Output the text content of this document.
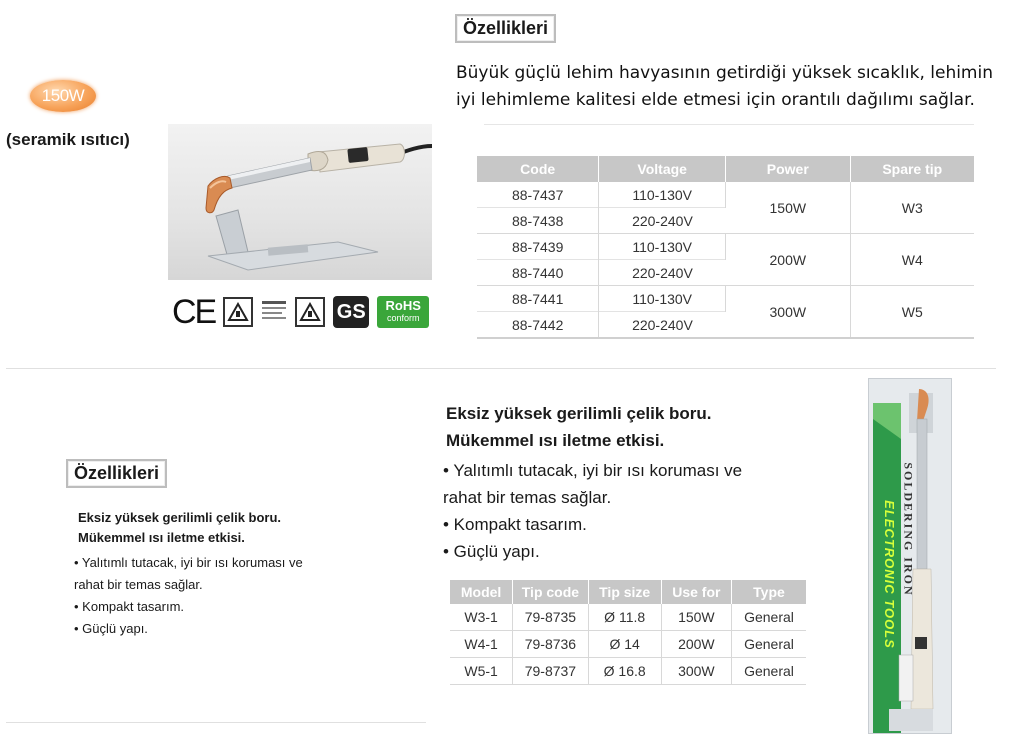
150W
(seramik ısıtıcı)
CE	GS	RoHS
conform
Özellikleri
Büyük güçlü lehim havyasının getirdiği yüksek sıcaklık, lehimin iyi lehimleme kalitesi elde etmesi için orantılı dağılımı sağlar.
Code	Voltage	Power	Spare tip
88-7437	110-130V	150W	W3
88-7438	220-240V		
88-7439	110-130V	200W	W4
88-7440	220-240V		
88-7441	110-130V	300W	W5
88-7442	220-240V		
Özellikleri
Eksiz yüksek gerilimli çelik boru.
Mükemmel ısı iletme etkisi.
• Yalıtımlı tutacak, iyi bir ısı koruması ve
rahat bir temas sağlar.
• Kompakt tasarım.
• Güçlü yapı.
Eksiz yüksek gerilimli çelik boru.
Mükemmel ısı iletme etkisi.
• Yalıtımlı tutacak, iyi bir ısı koruması ve
rahat bir temas sağlar.
• Kompakt tasarım.
• Güçlü yapı.
Model	Tip code	Tip size	Use for	Type
W3-1	79-8735	Ø 11.8	150W	General
W4-1	79-8736	Ø 14	200W	General
W5-1	79-8737	Ø 16.8	300W	General
ELECTRONIC TOOLS SOLDERING IRON
